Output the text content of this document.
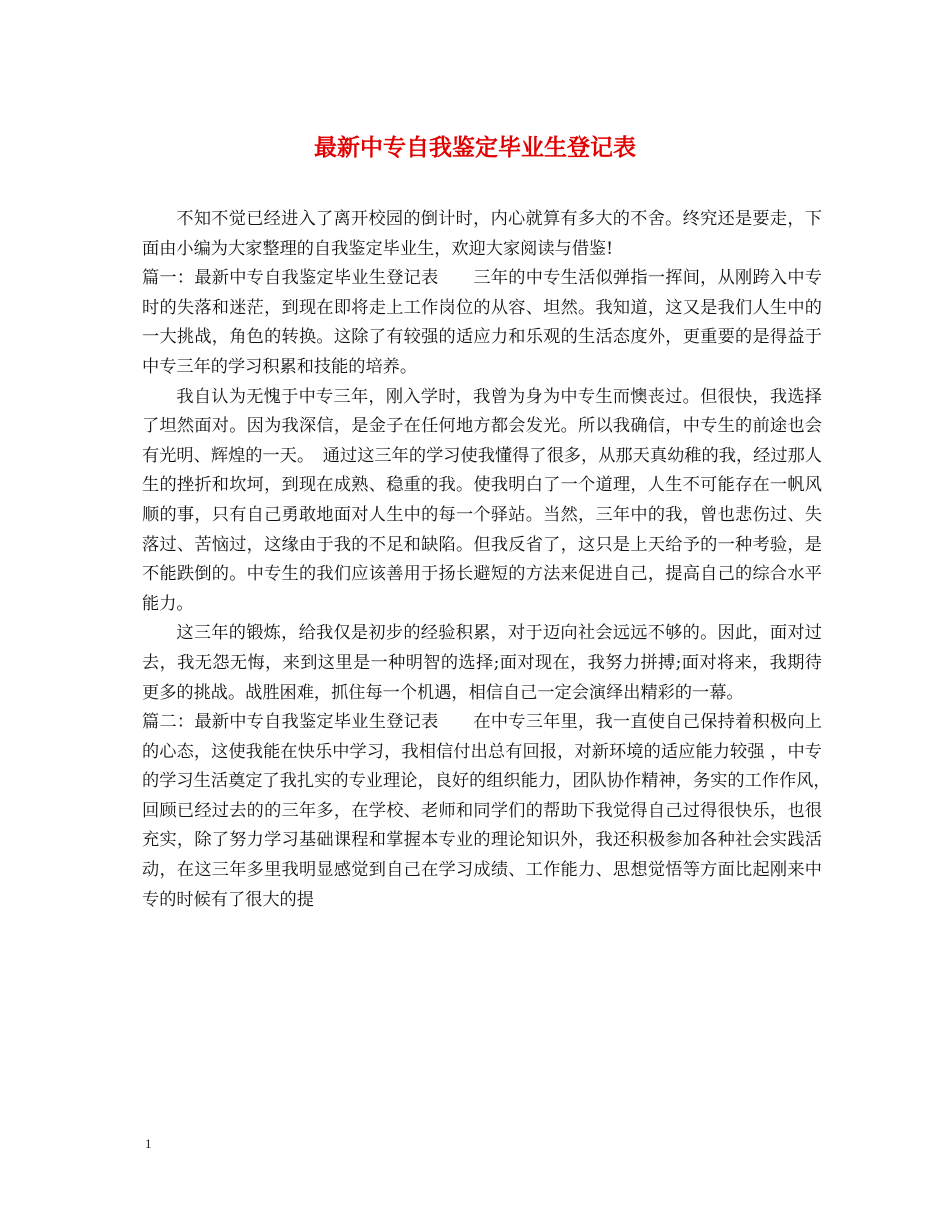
最新中专自我鉴定毕业生登记表

不知不觉已经进入了离开校园的倒计时，内心就算有多大的不舍。终究还是要走，下面由小编为大家整理的自我鉴定毕业生，欢迎大家阅读与借鉴!

篇一：最新中专自我鉴定毕业生登记表　　三年的中专生活似弹指一挥间，从刚跨入中专时的失落和迷茫，到现在即将走上工作岗位的从容、坦然。我知道，这又是我们人生中的一大挑战，角色的转换。这除了有较强的适应力和乐观的生活态度外，更重要的是得益于中专三年的学习积累和技能的培养。

我自认为无愧于中专三年，刚入学时，我曾为身为中专生而懊丧过。但很快，我选择了坦然面对。因为我深信，是金子在任何地方都会发光。所以我确信，中专生的前途也会有光明、辉煌的一天。　通过这三年的学习使我懂得了很多，从那天真幼稚的我，经过那人生的挫折和坎坷，到现在成熟、稳重的我。使我明白了一个道理，人生不可能存在一帆风顺的事，只有自己勇敢地面对人生中的每一个驿站。当然，三年中的我，曾也悲伤过、失落过、苦恼过，这缘由于我的不足和缺陷。但我反省了，这只是上天给予的一种考验，是不能跌倒的。中专生的我们应该善用于扬长避短的方法来促进自己，提高自己的综合水平能力。

这三年的锻炼，给我仅是初步的经验积累，对于迈向社会远远不够的。因此，面对过去，我无怨无悔，来到这里是一种明智的选择;面对现在，我努力拼搏;面对将来，我期待更多的挑战。战胜困难，抓住每一个机遇，相信自己一定会演绎出精彩的一幕。

篇二：最新中专自我鉴定毕业生登记表　　在中专三年里，我一直使自己保持着积极向上的心态，这使我能在快乐中学习，我相信付出总有回报，对新环境的适应能力较强 ，中专的学习生活奠定了我扎实的专业理论，良好的组织能力，团队协作精神，务实的工作作风，　回顾已经过去的的三年多，在学校、老师和同学们的帮助下我觉得自己过得很快乐，也很充实，除了努力学习基础课程和掌握本专业的理论知识外，我还积极参加各种社会实践活动，在这三年多里我明显感觉到自己在学习成绩、工作能力、思想觉悟等方面比起刚来中专的时候有了很大的提

1
